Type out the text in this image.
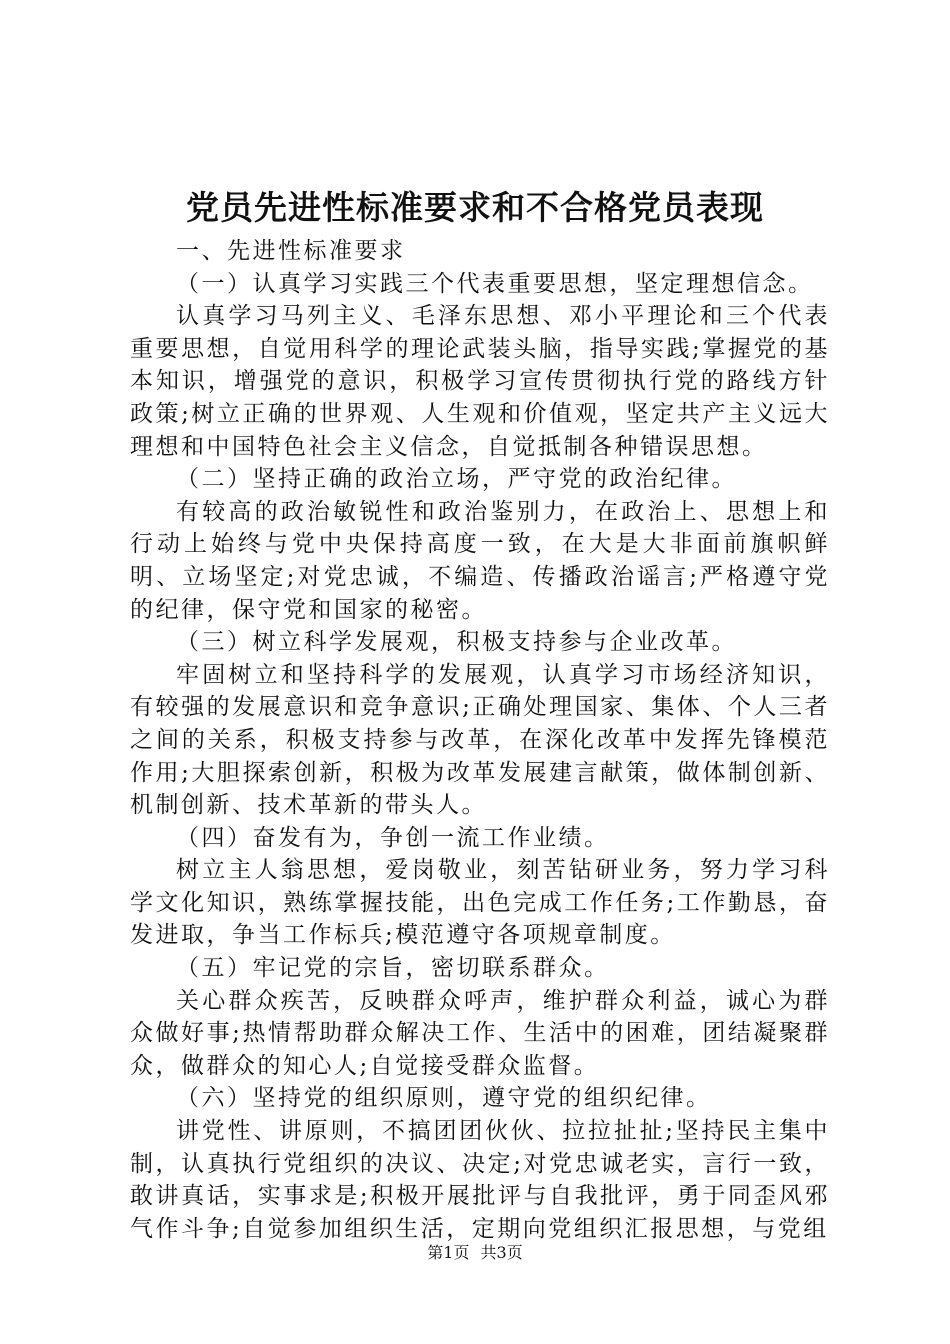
党员先进性标准要求和不合格党员表现

一、先进性标准要求

（一）认真学习实践三个代表重要思想，坚定理想信念。

认真学习马列主义、毛泽东思想、邓小平理论和三个代表重要思想，自觉用科学的理论武装头脑，指导实践;掌握党的基本知识，增强党的意识，积极学习宣传贯彻执行党的路线方针政策;树立正确的世界观、人生观和价值观，坚定共产主义远大理想和中国特色社会主义信念，自觉抵制各种错误思想。

（二）坚持正确的政治立场，严守党的政治纪律。

有较高的政治敏锐性和政治鉴别力，在政治上、思想上和行动上始终与党中央保持高度一致，在大是大非面前旗帜鲜明、立场坚定;对党忠诚，不编造、传播政治谣言;严格遵守党的纪律，保守党和国家的秘密。

（三）树立科学发展观，积极支持参与企业改革。

牢固树立和坚持科学的发展观，认真学习市场经济知识，有较强的发展意识和竞争意识;正确处理国家、集体、个人三者之间的关系，积极支持参与改革，在深化改革中发挥先锋模范作用;大胆探索创新，积极为改革发展建言献策，做体制创新、机制创新、技术革新的带头人。

（四）奋发有为，争创一流工作业绩。

树立主人翁思想，爱岗敬业，刻苦钻研业务，努力学习科学文化知识，熟练掌握技能，出色完成工作任务;工作勤恳，奋发进取，争当工作标兵;模范遵守各项规章制度。

（五）牢记党的宗旨，密切联系群众。

关心群众疾苦，反映群众呼声，维护群众利益，诚心为群众做好事;热情帮助群众解决工作、生活中的困难，团结凝聚群众，做群众的知心人;自觉接受群众监督。

（六）坚持党的组织原则，遵守党的组织纪律。

讲党性、讲原则，不搞团团伙伙、拉拉扯扯;坚持民主集中制，认真执行党组织的决议、决定;对党忠诚老实，言行一致，敢讲真话，实事求是;积极开展批评与自我批评，勇于同歪风邪气作斗争;自觉参加组织生活，定期向党组织汇报思想，与党组

第1页 共3页
